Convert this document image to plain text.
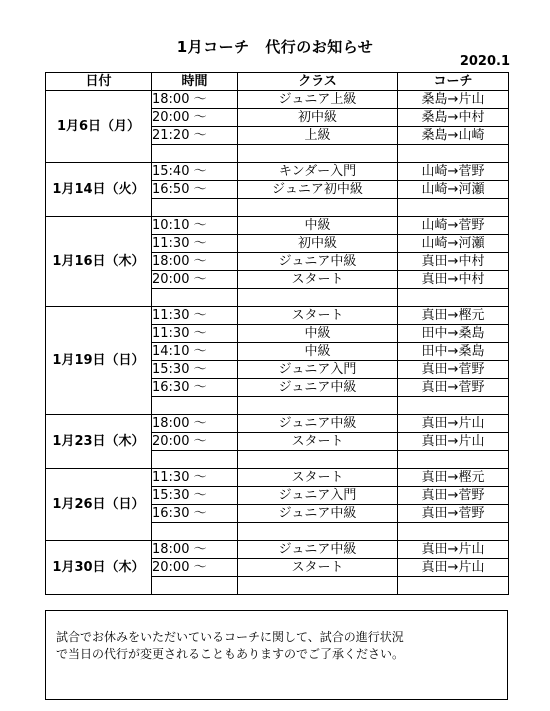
1月コーチ　代行のお知らせ
2020.1
日付	時間	クラス	コーチ
1月6日（月）	18:00 ～	ジュニア上級	桑島→片山
	20:00 ～	初中級	桑島→中村
	21:20 ～	上級	桑島→山崎

1月14日（火）	15:40 ～	キンダー入門	山崎→菅野
	16:50 ～	ジュニア初中級	山崎→河瀬

1月16日（木）	10:10 ～	中級	山崎→菅野
	11:30 ～	初中級	山崎→河瀬
	18:00 ～	ジュニア中級	真田→中村
	20:00 ～	スタート	真田→中村

1月19日（日）	11:30 ～	スタート	真田→樫元
	11:30 ～	中級	田中→桑島
	14:10 ～	中級	田中→桑島
	15:30 ～	ジュニア入門	真田→菅野
	16:30 ～	ジュニア中級	真田→菅野

1月23日（木）	18:00 ～	ジュニア中級	真田→片山
	20:00 ～	スタート	真田→片山

1月26日（日）	11:30 ～	スタート	真田→樫元
	15:30 ～	ジュニア入門	真田→菅野
	16:30 ～	ジュニア中級	真田→菅野

1月30日（木）	18:00 ～	ジュニア中級	真田→片山
	20:00 ～	スタート	真田→片山

試合でお休みをいただいているコーチに関して、試合の進行状況
で当日の代行が変更されることもありますのでご了承ください。
